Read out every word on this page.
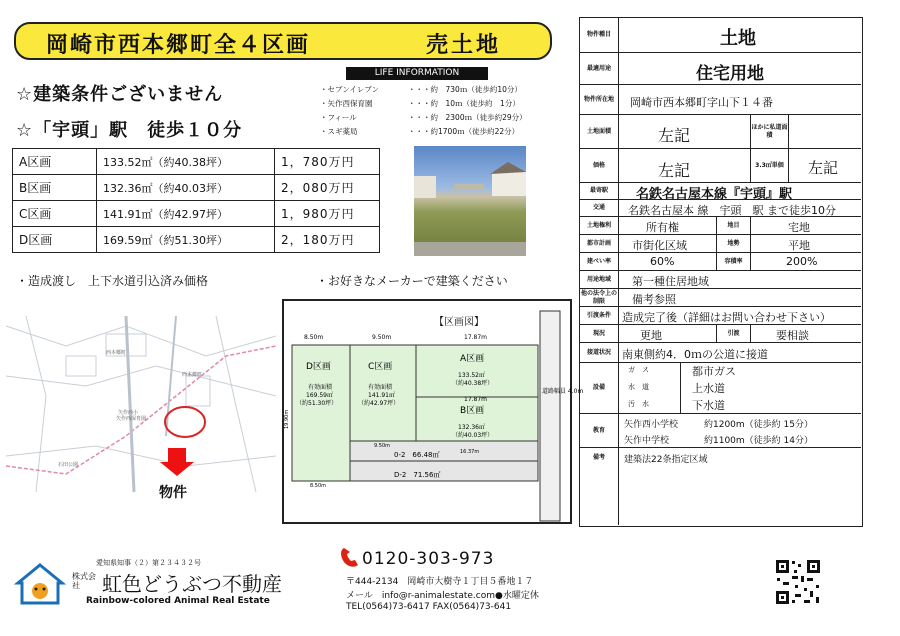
岡崎市西本郷町全４区画	売土地
☆建築条件ございません
☆「宇頭」駅　徒歩１０分
LIFE INFORMATION
・セブンイレブン	・・・約　730ｍ（徒歩約10分）
・矢作西保育園	・・・約　10ｍ（徒歩約　1分）
・フィール	・・・約　2300ｍ（徒歩約29分）
・スギ薬局	・・・約1700ｍ（徒歩約22分）
A区画	133.52㎡（約40.38坪）	1，780万円
B区画	132.36㎡（約40.03坪）	2，080万円
C区画	141.91㎡（約42.97坪）	1，980万円
D区画	169.59㎡（約51.30坪）	2，180万円
・造成渡し　上下水道引込済み価格	・お好きなメーカーで建築ください
西本郷町
矢作西小
矢作西保育園
石田公園
西本郷町
物件
【区画図】
8.50m	9.50m	17.87m
D区画
有効面積
169.59㎡
（約51.30坪）
C区画
有効面積
141.91㎡
（約42.97坪）
A区画
133.52㎡
（約40.38坪）
17.87m
B区画
132.36㎡
（約40.03坪）
9.50m
16.37m
0-2　66.48㎡
D-2　71.56㎡
8.50m
道路幅員 4.0m
19.90m
物件種目	土地
最適用途	住宅用地
物件所在地	岡崎市西本郷町字山下１４番
土地面積	左記	ほかに私道面積
価格	左記	3.3㎡単価	左記
最寄駅	名鉄名古屋本線『宇頭』駅
交通	名鉄名古屋本 線　宇頭　駅 まで徒歩10分
土地権利	所有権	地目	宅地
都市計画	市街化区域	地勢	平地
建ぺい率	60%	容積率	200%
用途地域	第一種住居地域
他の法令上の制限	備考参照
引渡条件	造成完了後（詳細はお問い合わせ下さい）
現況	更地	引渡	要相談
接道状況	南東側約4．0ｍの公道に接道
設備
ガ　ス	都市ガス
水　道	上水道
汚　水	下水道
教育	矢作西小学校	約1200m（徒歩約 15分）
矢作中学校	約1100m（徒歩約 14分）
備考	建築法22条指定区域
愛知県知事（２）第２３４３２号
株式会社	虹色どうぶつ不動産
Rainbow-colored Animal Real Estate
0120-303-973
〒444-2134　岡崎市大樹寺１丁目５番地１７
メール　info@r-animalestate.com●水曜定休
TEL(0564)73-6417 FAX(0564)73-641
